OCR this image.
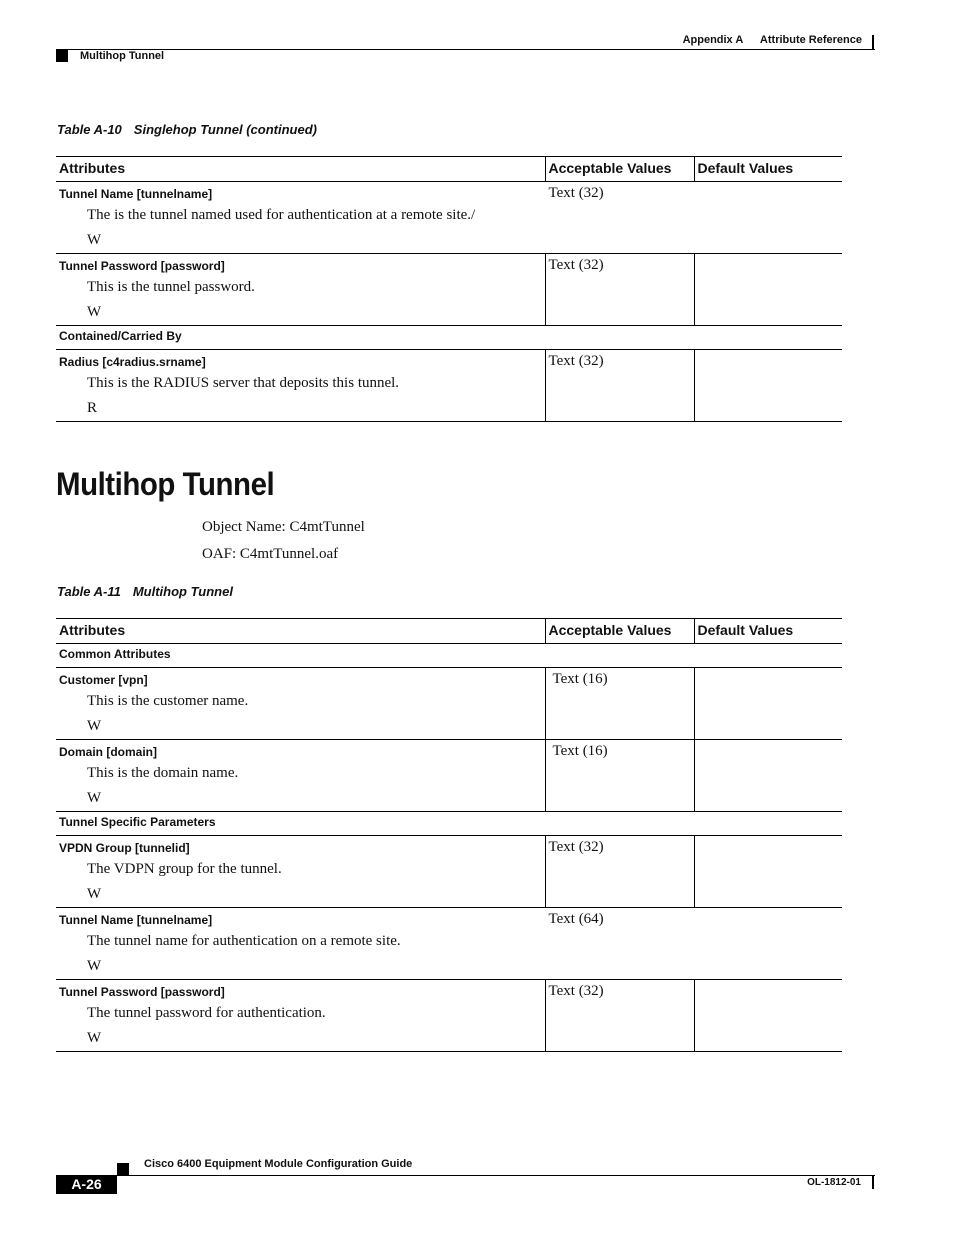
Appendix A Attribute Reference
Multihop Tunnel
Table A-10 Singlehop Tunnel (continued)
Attributes	Acceptable Values	Default Values

Tunnel Name [tunnelname]
The is the tunnel named used for authentication at a remote site./
W	Text (32)	

Tunnel Password [password]
This is the tunnel password.
W	Text (32)	

Contained/Carried By		

Radius [c4radius.srname]
This is the RADIUS server that deposits this tunnel.
R	Text (32)	

Multihop Tunnel
Object Name: C4mtTunnel
OAF: C4mtTunnel.oaf
Table A-11 Multihop Tunnel
Attributes	Acceptable Values	Default Values
Common Attributes		

Customer [vpn]
This is the customer name.
W	Text (16)	

Domain [domain]
This is the domain name.
W	Text (16)	

Tunnel Specific Parameters		

VPDN Group [tunnelid]
The VDPN group for the tunnel.
W	Text (32)	

Tunnel Name [tunnelname]
The tunnel name for authentication on a remote site.
W	Text (64)	

Tunnel Password [password]
The tunnel password for authentication.
W	Text (32)	

Cisco 6400 Equipment Module Configuration Guide
A-26	OL-1812-01
